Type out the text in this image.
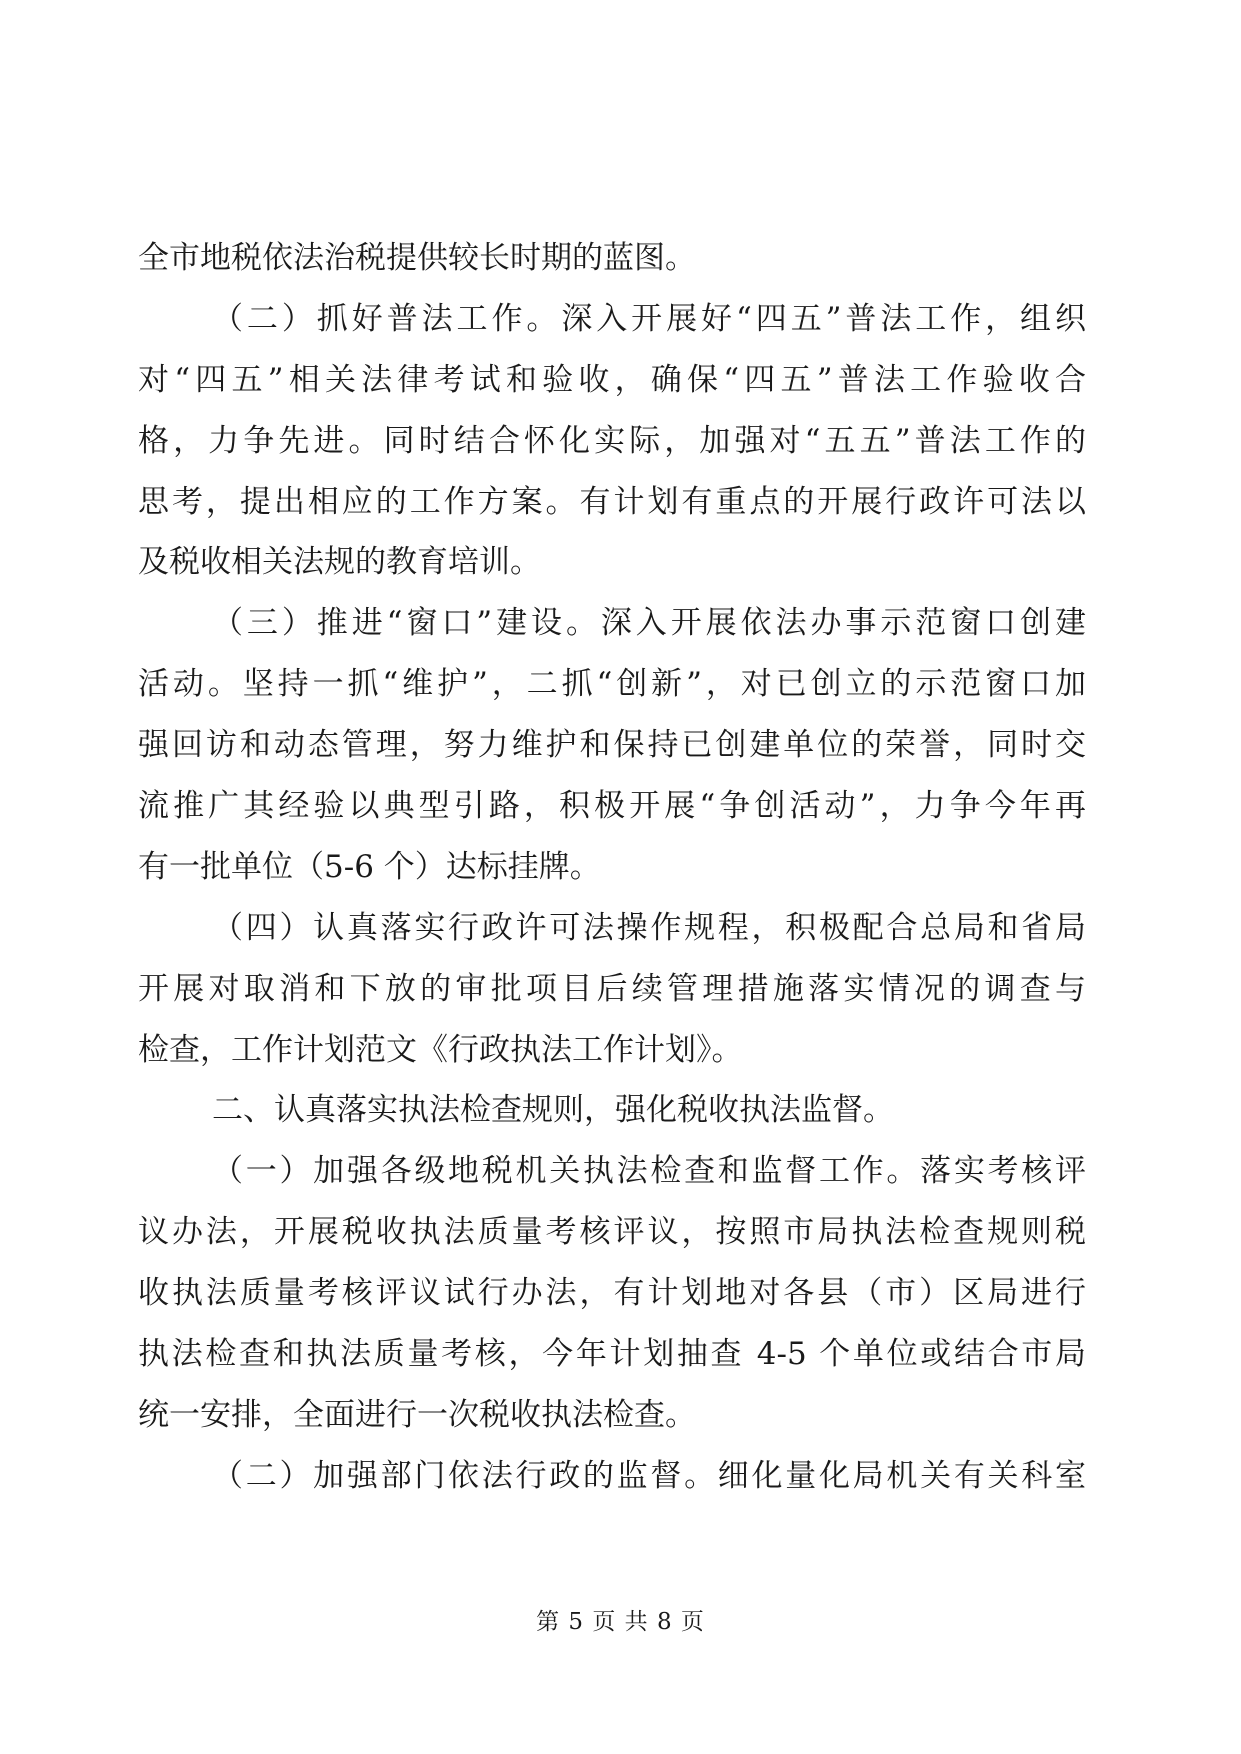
全市地税依法治税提供较长时期的蓝图。
（二）抓好普法工作。深入开展好“四五”普法工作，组织
对“四五”相关法律考试和验收，确保“四五”普法工作验收合
格，力争先进。同时结合怀化实际，加强对“五五”普法工作的
思考，提出相应的工作方案。有计划有重点的开展行政许可法以
及税收相关法规的教育培训。
（三）推进“窗口”建设。深入开展依法办事示范窗口创建
活动。坚持一抓“维护”，二抓“创新”，对已创立的示范窗口加
强回访和动态管理，努力维护和保持已创建单位的荣誉，同时交
流推广其经验以典型引路，积极开展“争创活动”，力争今年再
有一批单位（5-6 个）达标挂牌。
（四）认真落实行政许可法操作规程，积极配合总局和省局
开展对取消和下放的审批项目后续管理措施落实情况的调查与
检查，工作计划范文《行政执法工作计划》。
二、认真落实执法检查规则，强化税收执法监督。
（一）加强各级地税机关执法检查和监督工作。落实考核评
议办法，开展税收执法质量考核评议，按照市局执法检查规则税
收执法质量考核评议试行办法，有计划地对各县（市）区局进行
执法检查和执法质量考核，今年计划抽查 4-5 个单位或结合市局
统一安排，全面进行一次税收执法检查。
（二）加强部门依法行政的监督。细化量化局机关有关科室
第 5 页 共 8 页
